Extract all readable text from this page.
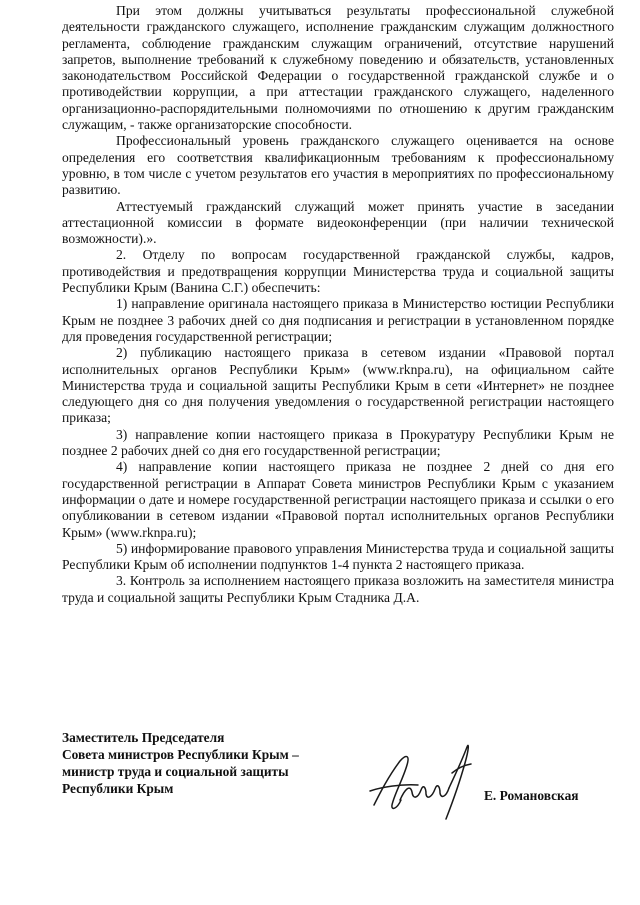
При этом должны учитываться результаты профессиональной служебной деятельности гражданского служащего, исполнение гражданским служащим должностного регламента, соблюдение гражданским служащим ограничений, отсутствие нарушений запретов, выполнение требований к служебному поведению и обязательств, установленных законодательством Российской Федерации о государственной гражданской службе и о противодействии коррупции, а при аттестации гражданского служащего, наделенного организационно-распорядительными полномочиями по отношению к другим гражданским служащим, - также организаторские способности.

Профессиональный уровень гражданского служащего оценивается на основе определения его соответствия квалификационным требованиям к профессиональному уровню, в том числе с учетом результатов его участия в мероприятиях по профессиональному развитию.

Аттестуемый гражданский служащий может принять участие в заседании аттестационной комиссии в формате видеоконференции (при наличии технической возможности).».

2. Отделу по вопросам государственной гражданской службы, кадров, противодействия и предотвращения коррупции Министерства труда и социальной защиты Республики Крым (Ванина С.Г.) обеспечить:

1) направление оригинала настоящего приказа в Министерство юстиции Республики Крым не позднее 3 рабочих дней со дня подписания и регистрации в установленном порядке для проведения государственной регистрации;

2) публикацию настоящего приказа в сетевом издании «Правовой портал исполнительных органов Республики Крым» (www.rknpa.ru), на официальном сайте Министерства труда и социальной защиты Республики Крым в сети «Интернет» не позднее следующего дня со дня получения уведомления о государственной регистрации настоящего приказа;

3) направление копии настоящего приказа в Прокуратуру Республики Крым не позднее 2 рабочих дней со дня его государственной регистрации;

4) направление копии настоящего приказа не позднее 2 дней со дня его государственной регистрации в Аппарат Совета министров Республики Крым с указанием информации о дате и номере государственной регистрации настоящего приказа и ссылки о его опубликовании в сетевом издании «Правовой портал исполнительных органов Республики Крым» (www.rknpa.ru);

5) информирование правового управления Министерства труда и социальной защиты Республики Крым об исполнении подпунктов 1-4 пункта 2 настоящего приказа.

3. Контроль за исполнением настоящего приказа возложить на заместителя министра труда и социальной защиты Республики Крым Стадника Д.А.

Заместитель Председателя
Совета министров Республики Крым –
министр труда и социальной защиты
Республики Крым	Е. Романовская
